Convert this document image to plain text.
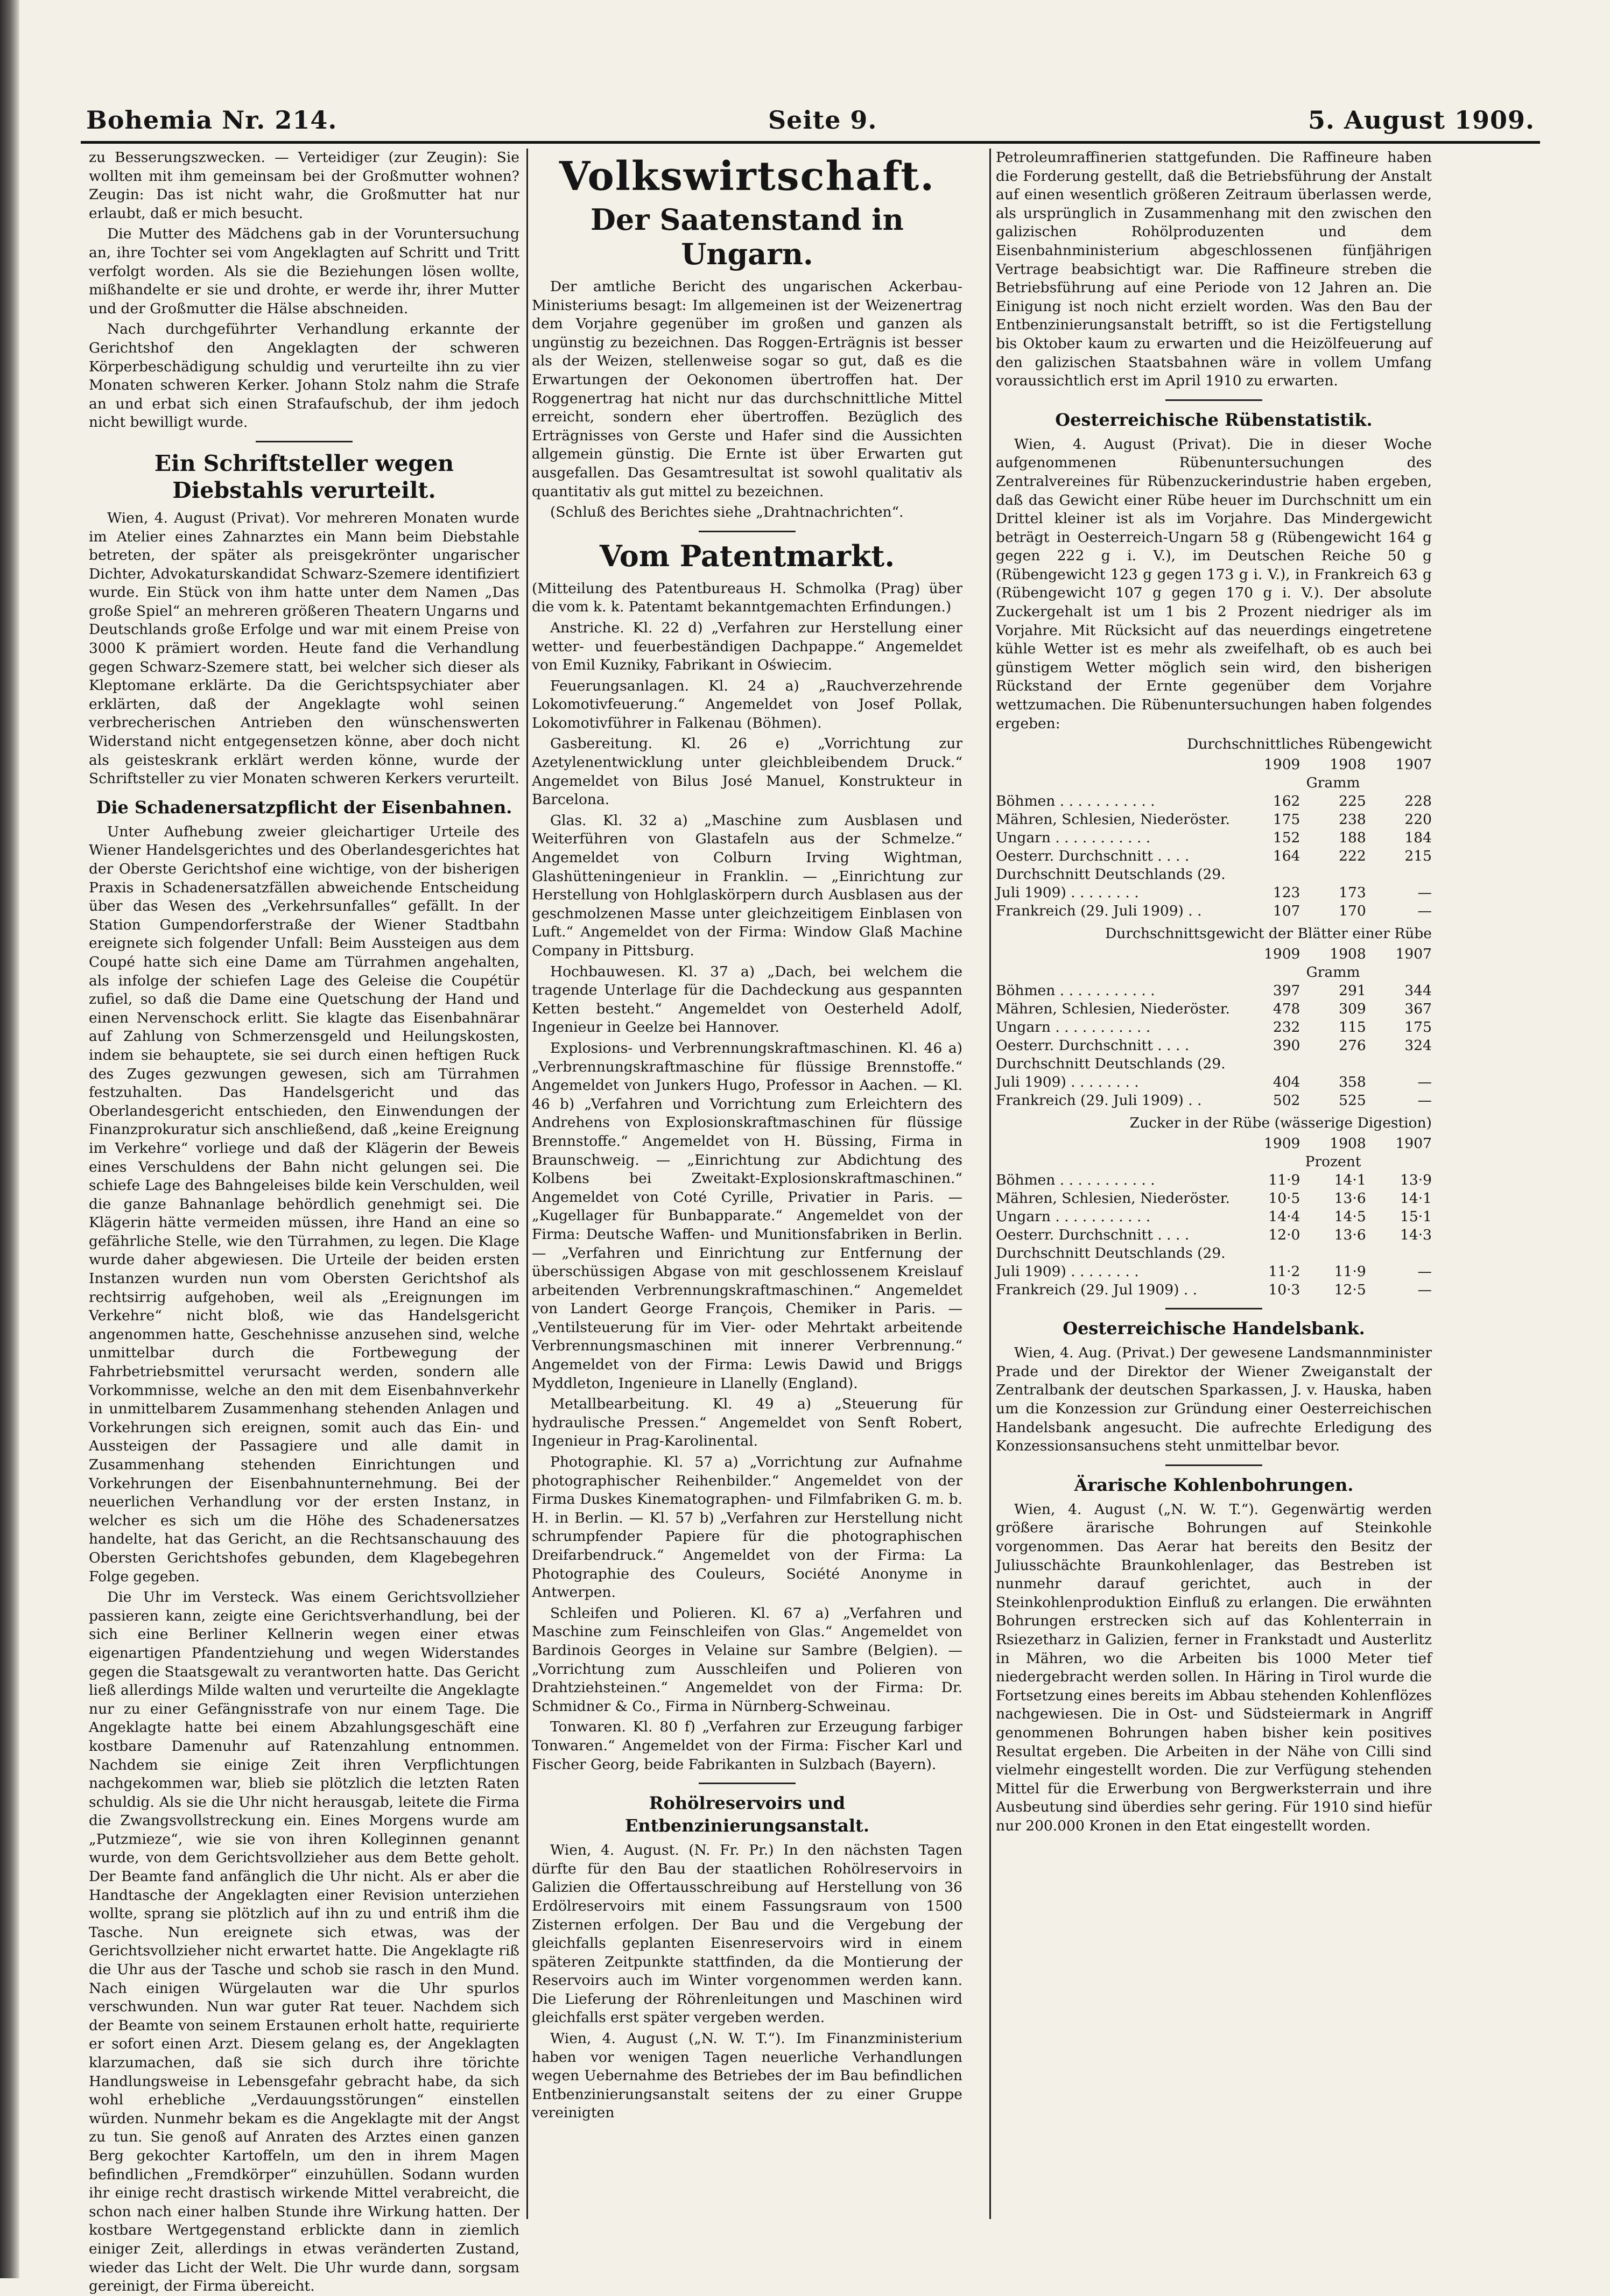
Bohemia Nr. 214.	Seite 9.	5. August 1909.

zu Besserungszwecken. — Verteidiger (zur Zeugin): Sie wollten mit ihm gemeinsam bei der Großmutter wohnen? Zeugin: Das ist nicht wahr, die Großmutter hat nur erlaubt, daß er mich besucht.

Die Mutter des Mädchens gab in der Voruntersuchung an, ihre Tochter sei vom Angeklagten auf Schritt und Tritt verfolgt worden. Als sie die Beziehungen lösen wollte, mißhandelte er sie und drohte, er werde ihr, ihrer Mutter und der Großmutter die Hälse abschneiden.

Nach durchgeführter Verhandlung erkannte der Gerichtshof den Angeklagten der schweren Körperbeschädigung schuldig und verurteilte ihn zu vier Monaten schweren Kerker. Johann Stolz nahm die Strafe an und erbat sich einen Strafaufschub, der ihm jedoch nicht bewilligt wurde.

Ein Schriftsteller wegen Diebstahls verurteilt.

Wien, 4. August (Privat). Vor mehreren Monaten wurde im Atelier eines Zahnarztes ein Mann beim Diebstahle betreten, der später als preisgekrönter ungarischer Dichter, Advokaturskandidat Schwarz-Szemere identifiziert wurde. Ein Stück von ihm hatte unter dem Namen „Das große Spiel“ an mehreren größeren Theatern Ungarns und Deutschlands große Erfolge und war mit einem Preise von 3000 K prämiert worden. Heute fand die Verhandlung gegen Schwarz-Szemere statt, bei welcher sich dieser als Kleptomane erklärte. Da die Gerichtspsychiater aber erklärten, daß der Angeklagte wohl seinen verbrecherischen Antrieben den wünschenswerten Widerstand nicht entgegensetzen könne, aber doch nicht als geisteskrank erklärt werden könne, wurde der Schriftsteller zu vier Monaten schweren Kerkers verurteilt.

Die Schadenersatzpflicht der Eisenbahnen.

Unter Aufhebung zweier gleichartiger Urteile des Wiener Handelsgerichtes und des Oberlandesgerichtes hat der Oberste Gerichtshof eine wichtige, von der bisherigen Praxis in Schadenersatzfällen abweichende Entscheidung über das Wesen des „Verkehrsunfalles“ gefällt. In der Station Gumpendorferstraße der Wiener Stadtbahn ereignete sich folgender Unfall: Beim Aussteigen aus dem Coupé hatte sich eine Dame am Türrahmen angehalten, als infolge der schiefen Lage des Geleise die Coupétür zufiel, so daß die Dame eine Quetschung der Hand und einen Nervenschock erlitt. Sie klagte das Eisenbahnärar auf Zahlung von Schmerzensgeld und Heilungskosten, indem sie behauptete, sie sei durch einen heftigen Ruck des Zuges gezwungen gewesen, sich am Türrahmen festzuhalten. Das Handelsgericht und das Oberlandesgericht entschieden, den Einwendungen der Finanzprokuratur sich anschließend, daß „keine Ereignung im Verkehre“ vorliege und daß der Klägerin der Beweis eines Verschuldens der Bahn nicht gelungen sei. Die schiefe Lage des Bahngeleises bilde kein Verschulden, weil die ganze Bahnanlage behördlich genehmigt sei. Die Klägerin hätte vermeiden müssen, ihre Hand an eine so gefährliche Stelle, wie den Türrahmen, zu legen. Die Klage wurde daher abgewiesen. Die Urteile der beiden ersten Instanzen wurden nun vom Obersten Gerichtshof als rechtsirrig aufgehoben, weil als „Ereignungen im Verkehre“ nicht bloß, wie das Handelsgericht angenommen hatte, Geschehnisse anzusehen sind, welche unmittelbar durch die Fortbewegung der Fahrbetriebsmittel verursacht werden, sondern alle Vorkommnisse, welche an den mit dem Eisenbahnverkehr in unmittelbarem Zusammenhang stehenden Anlagen und Vorkehrungen sich ereignen, somit auch das Ein- und Aussteigen der Passagiere und alle damit in Zusammenhang stehenden Einrichtungen und Vorkehrungen der Eisenbahnunternehmung. Bei der neuerlichen Verhandlung vor der ersten Instanz, in welcher es sich um die Höhe des Schadenersatzes handelte, hat das Gericht, an die Rechtsanschauung des Obersten Gerichtshofes gebunden, dem Klagebegehren Folge gegeben.

Die Uhr im Versteck. Was einem Gerichtsvollzieher passieren kann, zeigte eine Gerichtsverhandlung, bei der sich eine Berliner Kellnerin wegen einer etwas eigenartigen Pfandentziehung und wegen Widerstandes gegen die Staatsgewalt zu verantworten hatte. Das Gericht ließ allerdings Milde walten und verurteilte die Angeklagte nur zu einer Gefängnisstrafe von nur einem Tage. Die Angeklagte hatte bei einem Abzahlungsgeschäft eine kostbare Damenuhr auf Ratenzahlung entnommen. Nachdem sie einige Zeit ihren Verpflichtungen nachgekommen war, blieb sie plötzlich die letzten Raten schuldig. Als sie die Uhr nicht herausgab, leitete die Firma die Zwangsvollstreckung ein. Eines Morgens wurde am „Putzmieze“, wie sie von ihren Kolleginnen genannt wurde, von dem Gerichtsvollzieher aus dem Bette geholt. Der Beamte fand anfänglich die Uhr nicht. Als er aber die Handtasche der Angeklagten einer Revision unterziehen wollte, sprang sie plötzlich auf ihn zu und entriß ihm die Tasche. Nun ereignete sich etwas, was der Gerichtsvollzieher nicht erwartet hatte. Die Angeklagte riß die Uhr aus der Tasche und schob sie rasch in den Mund. Nach einigen Würgelauten war die Uhr spurlos verschwunden. Nun war guter Rat teuer. Nachdem sich der Beamte von seinem Erstaunen erholt hatte, requirierte er sofort einen Arzt. Diesem gelang es, der Angeklagten klarzumachen, daß sie sich durch ihre törichte Handlungsweise in Lebensgefahr gebracht habe, da sich wohl erhebliche „Verdauungsstörungen“ einstellen würden. Nunmehr bekam es die Angeklagte mit der Angst zu tun. Sie genoß auf Anraten des Arztes einen ganzen Berg gekochter Kartoffeln, um den in ihrem Magen befindlichen „Fremdkörper“ einzuhüllen. Sodann wurden ihr einige recht drastisch wirkende Mittel verabreicht, die schon nach einer halben Stunde ihre Wirkung hatten. Der kostbare Wertgegenstand erblickte dann in ziemlich einiger Zeit, allerdings in etwas veränderten Zustand, wieder das Licht der Welt. Die Uhr wurde dann, sorgsam gereinigt, der Firma übereicht.

Volkswirtschaft.
Der Saatenstand in Ungarn.

Der amtliche Bericht des ungarischen Ackerbau-Ministeriums besagt: Im allgemeinen ist der Weizenertrag dem Vorjahre gegenüber im großen und ganzen als ungünstig zu bezeichnen. Das Roggen-Erträgnis ist besser als der Weizen, stellenweise sogar so gut, daß es die Erwartungen der Oekonomen übertroffen hat. Der Roggenertrag hat nicht nur das durchschnittliche Mittel erreicht, sondern eher übertroffen. Bezüglich des Erträgnisses von Gerste und Hafer sind die Aussichten allgemein günstig. Die Ernte ist über Erwarten gut ausgefallen. Das Gesamtresultat ist sowohl qualitativ als quantitativ als gut mittel zu bezeichnen.

(Schluß des Berichtes siehe „Drahtnachrichten“.

Vom Patentmarkt.

(Mitteilung des Patentbureaus H. Schmolka (Prag) über die vom k. k. Patentamt bekanntgemachten Erfindungen.)

Anstriche. Kl. 22 d) „Verfahren zur Herstellung einer wetter- und feuerbeständigen Dachpappe.“ Angemeldet von Emil Kuzniky, Fabrikant in Oświecim.

Feuerungsanlagen. Kl. 24 a) „Rauchverzehrende Lokomotivfeuerung.“ Angemeldet von Josef Pollak, Lokomotivführer in Falkenau (Böhmen).

Gasbereitung. Kl. 26 e) „Vorrichtung zur Azetylenentwicklung unter gleichbleibendem Druck.“ Angemeldet von Bilus José Manuel, Konstrukteur in Barcelona.

Glas. Kl. 32 a) „Maschine zum Ausblasen und Weiterführen von Glastafeln aus der Schmelze.“ Angemeldet von Colburn Irving Wightman, Glashütteningenieur in Franklin. — „Einrichtung zur Herstellung von Hohlglaskörpern durch Ausblasen aus der geschmolzenen Masse unter gleichzeitigem Einblasen von Luft.“ Angemeldet von der Firma: Window Glaß Machine Company in Pittsburg.

Hochbauwesen. Kl. 37 a) „Dach, bei welchem die tragende Unterlage für die Dachdeckung aus gespannten Ketten besteht.“ Angemeldet von Oesterheld Adolf, Ingenieur in Geelze bei Hannover.

Explosions- und Verbrennungskraftmaschinen. Kl. 46 a) „Verbrennungskraftmaschine für flüssige Brennstoffe.“ Angemeldet von Junkers Hugo, Professor in Aachen. — Kl. 46 b) „Verfahren und Vorrichtung zum Erleichtern des Andrehens von Explosionskraftmaschinen für flüssige Brennstoffe.“ Angemeldet von H. Büssing, Firma in Braunschweig. — „Einrichtung zur Abdichtung des Kolbens bei Zweitakt-Explosionskraftmaschinen.“ Angemeldet von Coté Cyrille, Privatier in Paris. — „Kugellager für Bunbapparate.“ Angemeldet von der Firma: Deutsche Waffen- und Munitionsfabriken in Berlin. — „Verfahren und Einrichtung zur Entfernung der überschüssigen Abgase von mit geschlossenem Kreislauf arbeitenden Verbrennungskraftmaschinen.“ Angemeldet von Landert George François, Chemiker in Paris. — „Ventilsteuerung für im Vier- oder Mehrtakt arbeitende Verbrennungsmaschinen mit innerer Verbrennung.“ Angemeldet von der Firma: Lewis Dawid und Briggs Myddleton, Ingenieure in Llanelly (England).

Metallbearbeitung. Kl. 49 a) „Steuerung für hydraulische Pressen.“ Angemeldet von Senft Robert, Ingenieur in Prag-Karolinental.

Photographie. Kl. 57 a) „Vorrichtung zur Aufnahme photographischer Reihenbilder.“ Angemeldet von der Firma Duskes Kinematographen- und Filmfabriken G. m. b. H. in Berlin. — Kl. 57 b) „Verfahren zur Herstellung nicht schrumpfender Papiere für die photographischen Dreifarbendruck.“ Angemeldet von der Firma: La Photographie des Couleurs, Société Anonyme in Antwerpen.

Schleifen und Polieren. Kl. 67 a) „Verfahren und Maschine zum Feinschleifen von Glas.“ Angemeldet von Bardinois Georges in Velaine sur Sambre (Belgien). — „Vorrichtung zum Ausschleifen und Polieren von Drahtziehsteinen.“ Angemeldet von der Firma: Dr. Schmidner & Co., Firma in Nürnberg-Schweinau.

Tonwaren. Kl. 80 f) „Verfahren zur Erzeugung farbiger Tonwaren.“ Angemeldet von der Firma: Fischer Karl und Fischer Georg, beide Fabrikanten in Sulzbach (Bayern).

Rohölreservoirs und Entbenzinierungsanstalt.

Wien, 4. August. (N. Fr. Pr.) In den nächsten Tagen dürfte für den Bau der staatlichen Rohölreservoirs in Galizien die Offertausschreibung auf Herstellung von 36 Erdölreservoirs mit einem Fassungsraum von 1500 Zisternen erfolgen. Der Bau und die Vergebung der gleichfalls geplanten Eisenreservoirs wird in einem späteren Zeitpunkte stattfinden, da die Montierung der Reservoirs auch im Winter vorgenommen werden kann. Die Lieferung der Röhrenleitungen und Maschinen wird gleichfalls erst später vergeben werden.

Wien, 4. August („N. W. T.“). Im Finanzministerium haben vor wenigen Tagen neuerliche Verhandlungen wegen Uebernahme des Betriebes der im Bau befindlichen Entbenzinierungsanstalt seitens der zu einer Gruppe vereinigten

Petroleumraffinerien stattgefunden. Die Raffineure haben die Forderung gestellt, daß die Betriebsführung der Anstalt auf einen wesentlich größeren Zeitraum überlassen werde, als ursprünglich in Zusammenhang mit den zwischen den galizischen Rohölproduzenten und dem Eisenbahnministerium abgeschlossenen fünfjährigen Vertrage beabsichtigt war. Die Raffineure streben die Betriebsführung auf eine Periode von 12 Jahren an. Die Einigung ist noch nicht erzielt worden. Was den Bau der Entbenzinierungsanstalt betrifft, so ist die Fertigstellung bis Oktober kaum zu erwarten und die Heizölfeuerung auf den galizischen Staatsbahnen wäre in vollem Umfang voraussichtlich erst im April 1910 zu erwarten.

Oesterreichische Rübenstatistik.

Wien, 4. August (Privat). Die in dieser Woche aufgenommenen Rübenuntersuchungen des Zentralvereines für Rübenzuckerindustrie haben ergeben, daß das Gewicht einer Rübe heuer im Durchschnitt um ein Drittel kleiner ist als im Vorjahre. Das Mindergewicht beträgt in Oesterreich-Ungarn 58 g (Rübengewicht 164 g gegen 222 g i. V.), im Deutschen Reiche 50 g (Rübengewicht 123 g gegen 173 g i. V.), in Frankreich 63 g (Rübengewicht 107 g gegen 170 g i. V.). Der absolute Zuckergehalt ist um 1 bis 2 Prozent niedriger als im Vorjahre. Mit Rücksicht auf das neuerdings eingetretene kühle Wetter ist es mehr als zweifelhaft, ob es auch bei günstigem Wetter möglich sein wird, den bisherigen Rückstand der Ernte gegenüber dem Vorjahre wettzumachen. Die Rübenuntersuchungen haben folgendes ergeben:

Durchschnittliches Rübengewicht
	1909	1908	1907
	Gramm		
Böhmen . . . . . . . . . . .	162	225	228
Mähren, Schlesien, Niederöster.	175	238	220
Ungarn . . . . . . . . . . .	152	188	184
Oesterr. Durchschnitt . . . .	164	222	215
Durchschnitt Deutschlands (29.			
Juli 1909) . . . . . . . .	123	173	—
Frankreich (29. Juli 1909) . .	107	170	—
Durchschnittsgewicht der Blätter einer Rübe
	1909	1908	1907
	Gramm		
Böhmen . . . . . . . . . . .	397	291	344
Mähren, Schlesien, Niederöster.	478	309	367
Ungarn . . . . . . . . . . .	232	115	175
Oesterr. Durchschnitt . . . .	390	276	324
Durchschnitt Deutschlands (29.			
Juli 1909) . . . . . . . .	404	358	—
Frankreich (29. Juli 1909) . .	502	525	—
Zucker in der Rübe (wässerige Digestion)
	1909	1908	1907
	Prozent		
Böhmen . . . . . . . . . . .	11·9	14·1	13·9
Mähren, Schlesien, Niederöster.	10·5	13·6	14·1
Ungarn . . . . . . . . . . .	14·4	14·5	15·1
Oesterr. Durchschnitt . . . .	12·0	13·6	14·3
Durchschnitt Deutschlands (29.			
Juli 1909) . . . . . . . .	11·2	11·9	—
Frankreich (29. Jul 1909) . .	10·3	12·5	—
Oesterreichische Handelsbank.

Wien, 4. Aug. (Privat.) Der gewesene Landsmannminister Prade und der Direktor der Wiener Zweiganstalt der Zentralbank der deutschen Sparkassen, J. v. Hauska, haben um die Konzession zur Gründung einer Oesterreichischen Handelsbank angesucht. Die aufrechte Erledigung des Konzessionsansuchens steht unmittelbar bevor.

Ärarische Kohlenbohrungen.

Wien, 4. August („N. W. T.“). Gegenwärtig werden größere ärarische Bohrungen auf Steinkohle vorgenommen. Das Aerar hat bereits den Besitz der Juliusschächte Braunkohlenlager, das Bestreben ist nunmehr darauf gerichtet, auch in der Steinkohlenproduktion Einfluß zu erlangen. Die erwähnten Bohrungen erstrecken sich auf das Kohlenterrain in Rsiezetharz in Galizien, ferner in Frankstadt und Austerlitz in Mähren, wo die Arbeiten bis 1000 Meter tief niedergebracht werden sollen. In Häring in Tirol wurde die Fortsetzung eines bereits im Abbau stehenden Kohlenflözes nachgewiesen. Die in Ost- und Südsteiermark in Angriff genommenen Bohrungen haben bisher kein positives Resultat ergeben. Die Arbeiten in der Nähe von Cilli sind vielmehr eingestellt worden. Die zur Verfügung stehenden Mittel für die Erwerbung von Bergwerksterrain und ihre Ausbeutung sind überdies sehr gering. Für 1910 sind hiefür nur 200.000 Kronen in den Etat eingestellt worden.
